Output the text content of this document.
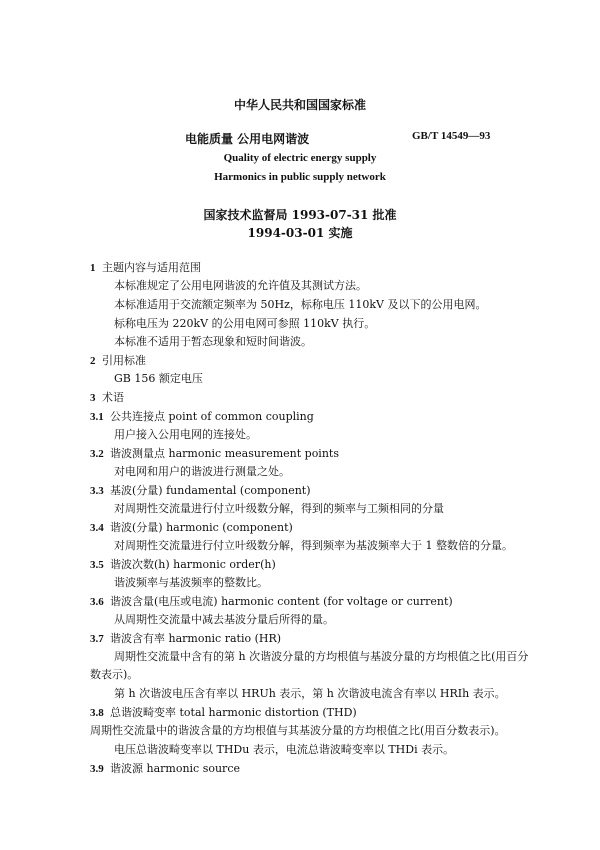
中华人民共和国国家标准
电能质量 公用电网谐波	GB/T 14549—93
Quality of electric energy supply
Harmonics in public supply network
国家技术监督局 1993-07-31 批准
1994-03-01 实施
1 主题内容与适用范围
本标准规定了公用电网谐波的允许值及其测试方法。
本标准适用于交流额定频率为 50Hz，标称电压 110kV 及以下的公用电网。
标称电压为 220kV 的公用电网可参照 110kV 执行。
本标准不适用于暂态现象和短时间谐波。
2 引用标准
GB 156 额定电压
3 术语
3.1 公共连接点 point of common coupling
用户接入公用电网的连接处。
3.2 谐波测量点 harmonic measurement points
对电网和用户的谐波进行测量之处。
3.3 基波(分量) fundamental (component)
对周期性交流量进行付立叶级数分解，得到的频率与工频相同的分量
3.4 谐波(分量) harmonic (component)
对周期性交流量进行付立叶级数分解，得到频率为基波频率大于 1 整数倍的分量。
3.5 谐波次数(h) harmonic order(h)
谐波频率与基波频率的整数比。
3.6 谐波含量(电压或电流) harmonic content (for voltage or current)
从周期性交流量中减去基波分量后所得的量。
3.7 谐波含有率 harmonic ratio (HR)
周期性交流量中含有的第 h 次谐波分量的方均根值与基波分量的方均根值之比(用百分
数表示)。
第 h 次谐波电压含有率以 HRUh 表示，第 h 次谐波电流含有率以 HRIh 表示。
3.8 总谐波畸变率 total harmonic distortion (THD)
周期性交流量中的谐波含量的方均根值与其基波分量的方均根值之比(用百分数表示)。
电压总谐波畸变率以 THDu 表示，电流总谐波畸变率以 THDi 表示。
3.9 谐波源 harmonic source
